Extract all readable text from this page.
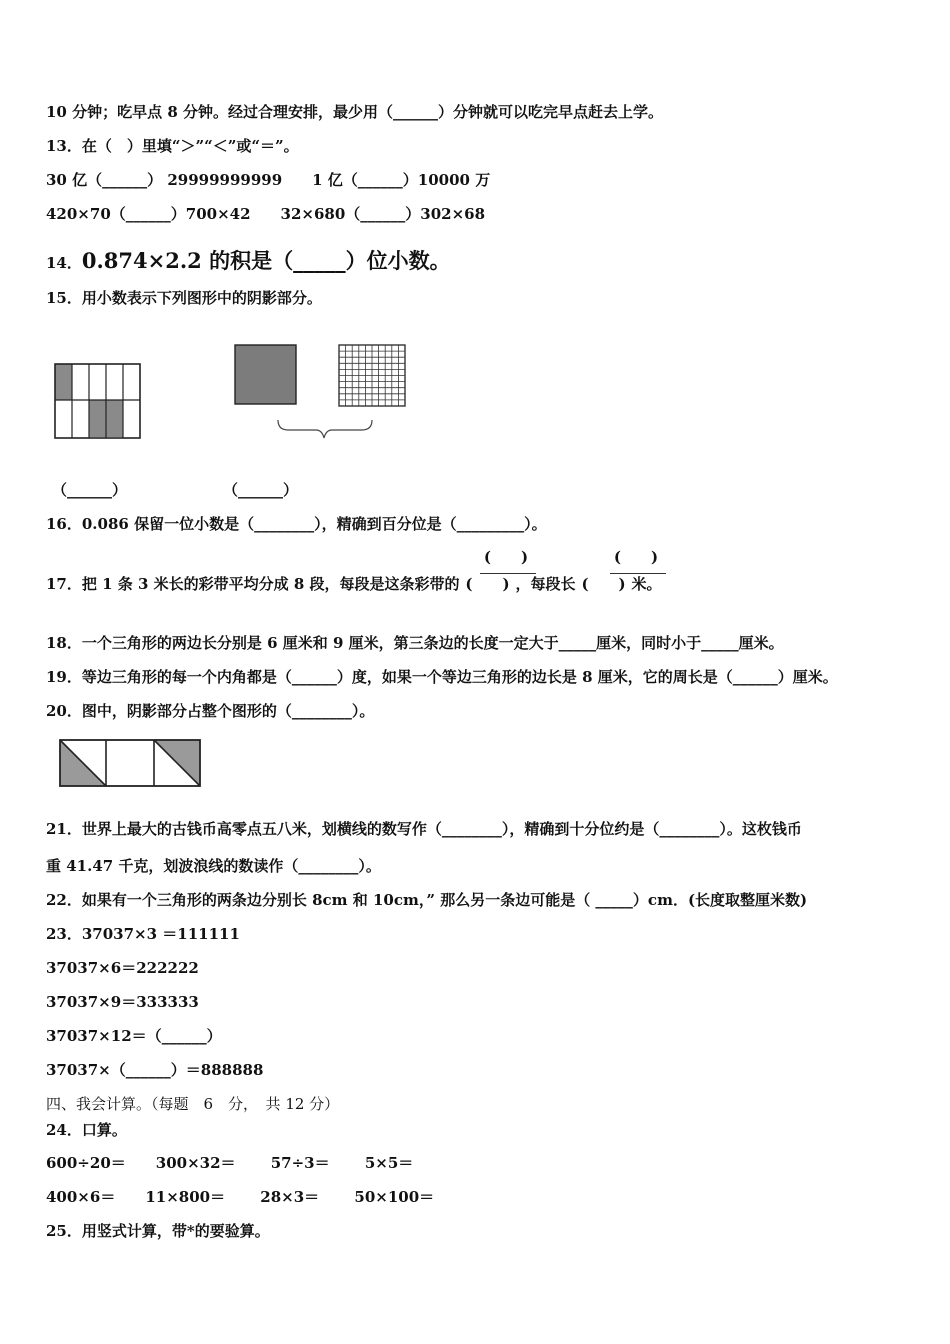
10 分钟；吃早点 8 分钟。经过合理安排，最少用（______）分钟就可以吃完早点赶去上学。
13．在（　）里填“＞”“＜”或“＝”。
30 亿（______） 29999999999　　1 亿（______）10000 万
420×70（______）700×42　　32×680（______）302×68
14．0.874×2.2 的积是（_____）位小数。
15．用小数表示下列图形中的阴影部分。
（______）	（______）
16．0.086 保留一位小数是（________），精确到百分位是（_________）。
(　　)	(　　)
17．把 1 条 3 米长的彩带平均分成 8 段，每段是这条彩带的 (　　) ，每段长 (　　) 米。
18．一个三角形的两边长分别是 6 厘米和 9 厘米，第三条边的长度一定大于_____厘米，同时小于_____厘米。
19．等边三角形的每一个内角都是（______）度，如果一个等边三角形的边长是 8 厘米，它的周长是（______）厘米。
20．图中，阴影部分占整个图形的（________）。
21．世界上最大的古钱币高零点五八米，划横线的数写作（________），精确到十分位约是（________）。这枚钱币
重 41.47 千克，划波浪线的数读作（________）。
22．如果有一个三角形的两条边分别长 8cm 和 10cm，” 那么另一条边可能是（ _____）cm．(长度取整厘米数)
23．37037×3 ＝111111
37037×6＝222222
37037×9＝333333
37037×12＝（______）
37037×（______）＝888888
四、我会计算。（每题　6　分，　共 12 分）
24．口算。
600÷20＝　　300×32＝　　 57÷3＝　　 5×5＝
400×6＝　　11×800＝　　 28×3＝　　 50×100＝
25．用竖式计算，带*的要验算。
